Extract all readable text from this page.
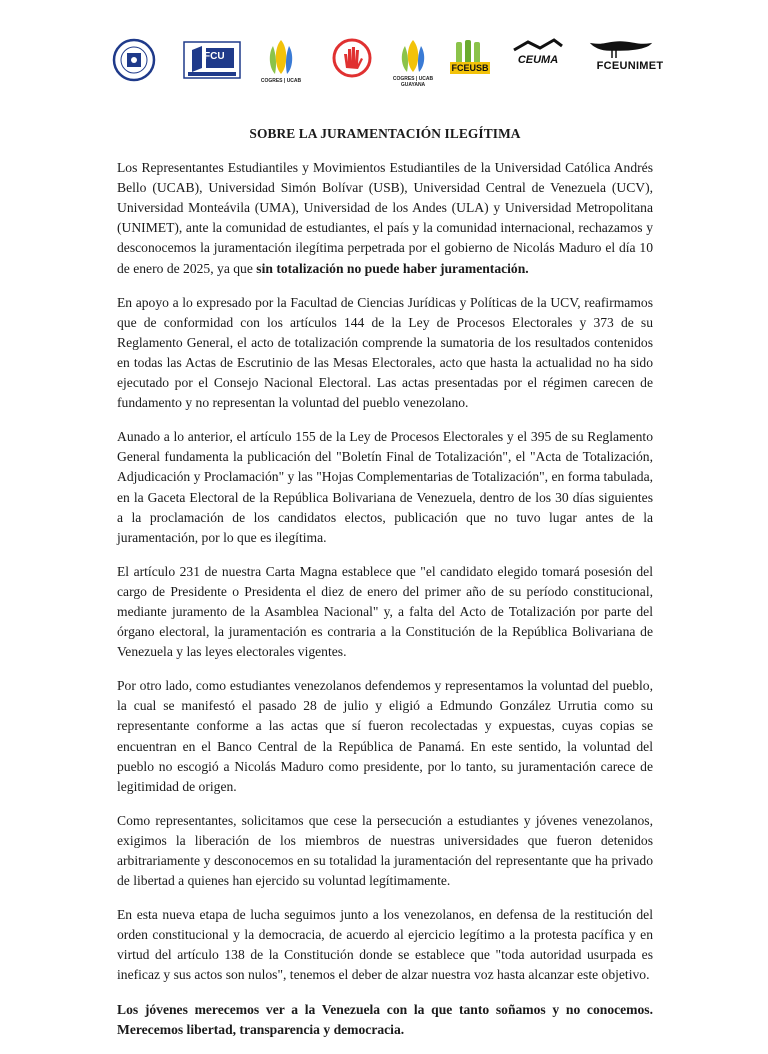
FCU
COGRES | UCAB	COGRES | UCAB GUAYANA
FCEUSB
CEUMA	FCEUNIMET
SOBRE LA JURAMENTACIÓN ILEGÍTIMA

Los Representantes Estudiantiles y Movimientos Estudiantiles de la Universidad Católica Andrés Bello (UCAB), Universidad Simón Bolívar (USB), Universidad Central de Venezuela (UCV), Universidad Monteávila (UMA), Universidad de los Andes (ULA) y Universidad Metropolitana (UNIMET), ante la comunidad de estudiantes, el país y la comunidad internacional, rechazamos y desconocemos la juramentación ilegítima perpetrada por el gobierno de Nicolás Maduro el día 10 de enero de 2025, ya que sin totalización no puede haber juramentación.

En apoyo a lo expresado por la Facultad de Ciencias Jurídicas y Políticas de la UCV, reafirmamos que de conformidad con los artículos 144 de la Ley de Procesos Electorales y 373 de su Reglamento General, el acto de totalización comprende la sumatoria de los resultados contenidos en todas las Actas de Escrutinio de las Mesas Electorales, acto que hasta la actualidad no ha sido ejecutado por el Consejo Nacional Electoral. Las actas presentadas por el régimen carecen de fundamento y no representan la voluntad del pueblo venezolano.

Aunado a lo anterior, el artículo 155 de la Ley de Procesos Electorales y el 395 de su Reglamento General fundamenta la publicación del "Boletín Final de Totalización", el "Acta de Totalización, Adjudicación y Proclamación" y las "Hojas Complementarias de Totalización", en forma tabulada, en la Gaceta Electoral de la República Bolivariana de Venezuela, dentro de los 30 días siguientes a la proclamación de los candidatos electos, publicación que no tuvo lugar antes de la juramentación, por lo que es ilegítima.

El artículo 231 de nuestra Carta Magna establece que "el candidato elegido tomará posesión del cargo de Presidente o Presidenta el diez de enero del primer año de su período constitucional, mediante juramento de la Asamblea Nacional" y, a falta del Acto de Totalización por parte del órgano electoral, la juramentación es contraria a la Constitución de la República Bolivariana de Venezuela y las leyes electorales vigentes.

Por otro lado, como estudiantes venezolanos defendemos y representamos la voluntad del pueblo, la cual se manifestó el pasado 28 de julio y eligió a Edmundo González Urrutia como su representante conforme a las actas que sí fueron recolectadas y expuestas, cuyas copias se encuentran en el Banco Central de la República de Panamá. En este sentido, la voluntad del pueblo no escogió a Nicolás Maduro como presidente, por lo tanto, su juramentación carece de legitimidad de origen.

Como representantes, solicitamos que cese la persecución a estudiantes y jóvenes venezolanos, exigimos la liberación de los miembros de nuestras universidades que fueron detenidos arbitrariamente y desconocemos en su totalidad la juramentación del representante que ha privado de libertad a quienes han ejercido su voluntad legítimamente.

En esta nueva etapa de lucha seguimos junto a los venezolanos, en defensa de la restitución del orden constitucional y la democracia, de acuerdo al ejercicio legítimo a la protesta pacífica y en virtud del artículo 138 de la Constitución donde se establece que "toda autoridad usurpada es ineficaz y sus actos son nulos", tenemos el deber de alzar nuestra voz hasta alcanzar este objetivo.

Los jóvenes merecemos ver a la Venezuela con la que tanto soñamos y no conocemos. Merecemos libertad, transparencia y democracia.
